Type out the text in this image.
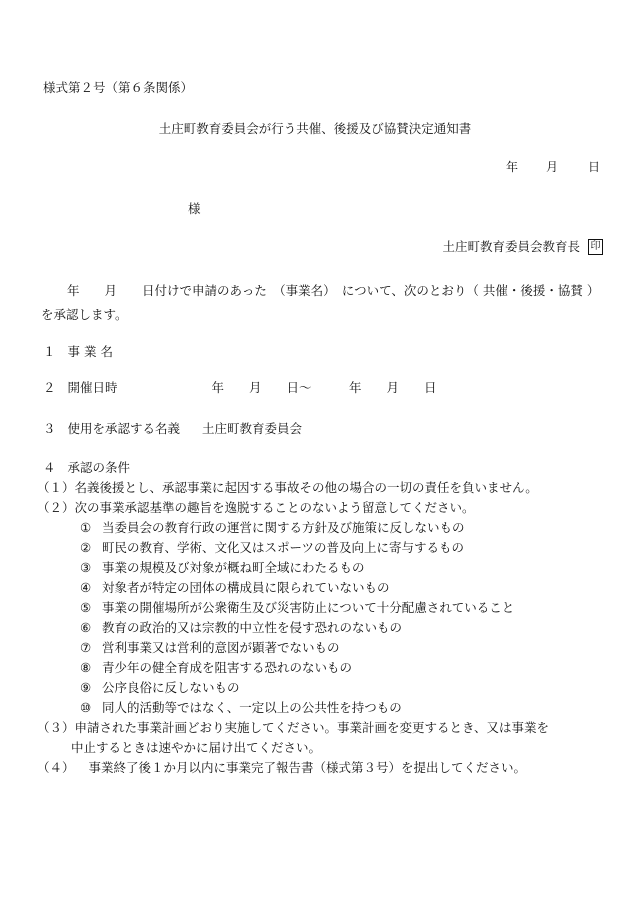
様式第２号（第６条関係）
土庄町教育委員会が行う共催、後援及び協賛決定通知書
年 月	日
様
土庄町教育委員会教育長 印
年　　月　　日付けで申請のあった　（事業名）　について、次のとおり（ 共催・後援・協賛 ）を承認します。
１ 事 業 名
２ 開催日時	年　　月　　日～　　　年　　月　　日
３ 使用を承認する名義 土庄町教育委員会
４ 承認の条件
（１）名義後援とし、承認事業に起因する事故その他の場合の一切の責任を負いません。
（２）次の事業承認基準の趣旨を逸脱することのないよう留意してください。
① 当委員会の教育行政の運営に関する方針及び施策に反しないもの
② 町民の教育、学術、文化又はスポーツの普及向上に寄与するもの
③ 事業の規模及び対象が概ね町全域にわたるもの
④ 対象者が特定の団体の構成員に限られていないもの
⑤ 事業の開催場所が公衆衛生及び災害防止について十分配慮されていること
⑥ 教育の政治的又は宗教的中立性を侵す恐れのないもの
⑦ 営利事業又は営利的意図が顕著でないもの
⑧ 青少年の健全育成を阻害する恐れのないもの
⑨ 公序良俗に反しないもの
⑩ 同人的活動等ではなく、一定以上の公共性を持つもの
（３）申請された事業計画どおり実施してください。事業計画を変更するとき、又は事業を
中止するときは速やかに届け出てください。
（４） 事業終了後１か月以内に事業完了報告書（様式第３号）を提出してください。
